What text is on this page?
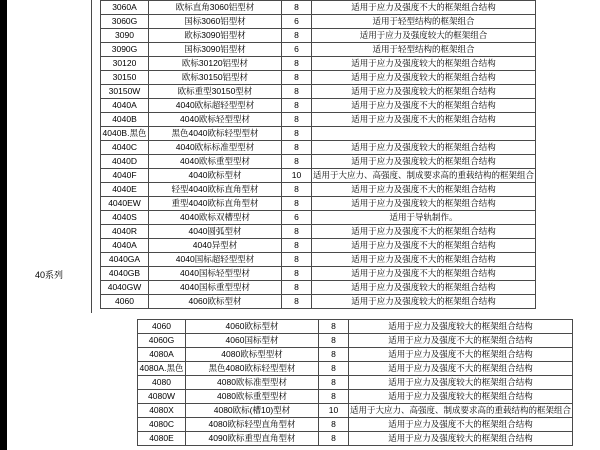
40系列
3060A	欧标直角3060铝型材	8	适用于应力及强度不大的框架组合结构
3060G	国标3060铝型材	6	适用于轻型结构的框架组合
3090	欧标3090铝型材	8	适用于应力及强度较大的框架组合
3090G	国标3090铝型材	6	适用于轻型结构的框架组合
30120	欧标30120铝型材	8	适用于应力及强度较大的框架组合结构
30150	欧标30150铝型材	8	适用于应力及强度较大的框架组合结构
30150W	欧标重型30150型材	8	适用于应力及强度较大的框架组合结构
4040A	4040欧标超轻型型材	8	适用于应力及强度不大的框架组合结构
4040B	4040欧标轻型型材	8	适用于应力及强度不大的框架组合结构
4040B.黑色	黑色4040欧标轻型型材	8	
4040C	4040欧标标准型型材	8	适用于应力及强度较大的框架组合结构
4040D	4040欧标重型型材	8	适用于应力及强度较大的框架组合结构
4040F	4040欧标型材	10	适用于大应力、高强度、制成要求高的重载结构的框架组合
4040E	轻型4040欧标直角型材	8	适用于应力及强度不大的框架组合结构
4040EW	重型4040欧标直角型材	8	适用于应力及强度较大的框架组合结构
4040S	4040欧标双槽型材	6	适用于导轨制作。
4040R	4040圆弧型材	8	适用于应力及强度不大的框架组合结构
4040A	4040异型材	8	适用于应力及强度不大的框架组合结构
4040GA	4040国标超轻型型材	8	适用于应力及强度不大的框架组合结构
4040GB	4040国标轻型型材	8	适用于应力及强度不大的框架组合结构
4040GW	4040国标重型型材	8	适用于应力及强度较大的框架组合结构
4060	4060欧标型材	8	适用于应力及强度较大的框架组合结构
4060	4060欧标型材	8	适用于应力及强度较大的框架组合结构
4060G	4060国标型材	8	适用于应力及强度不大的框架组合结构
4080A	4080欧标型型材	8	适用于应力及强度不大的框架组合结构
4080A.黑色	黑色4080欧标轻型型材	8	适用于应力及强度不大的框架组合结构
4080	4080欧标准型型材	8	适用于应力及强度较大的框架组合结构
4080W	4080欧标重型型材	8	适用于应力及强度较大的框架组合结构
4080X	4080欧标(槽10)型材	10	适用于大应力、高强度、制成要求高的重载结构的框架组合
4080C	4080欧标轻型直角型材	8	适用于应力及强度不大的框架组合结构
4080E	4090欧标重型直角型材	8	适用于应力及强度较大的框架组合结构
